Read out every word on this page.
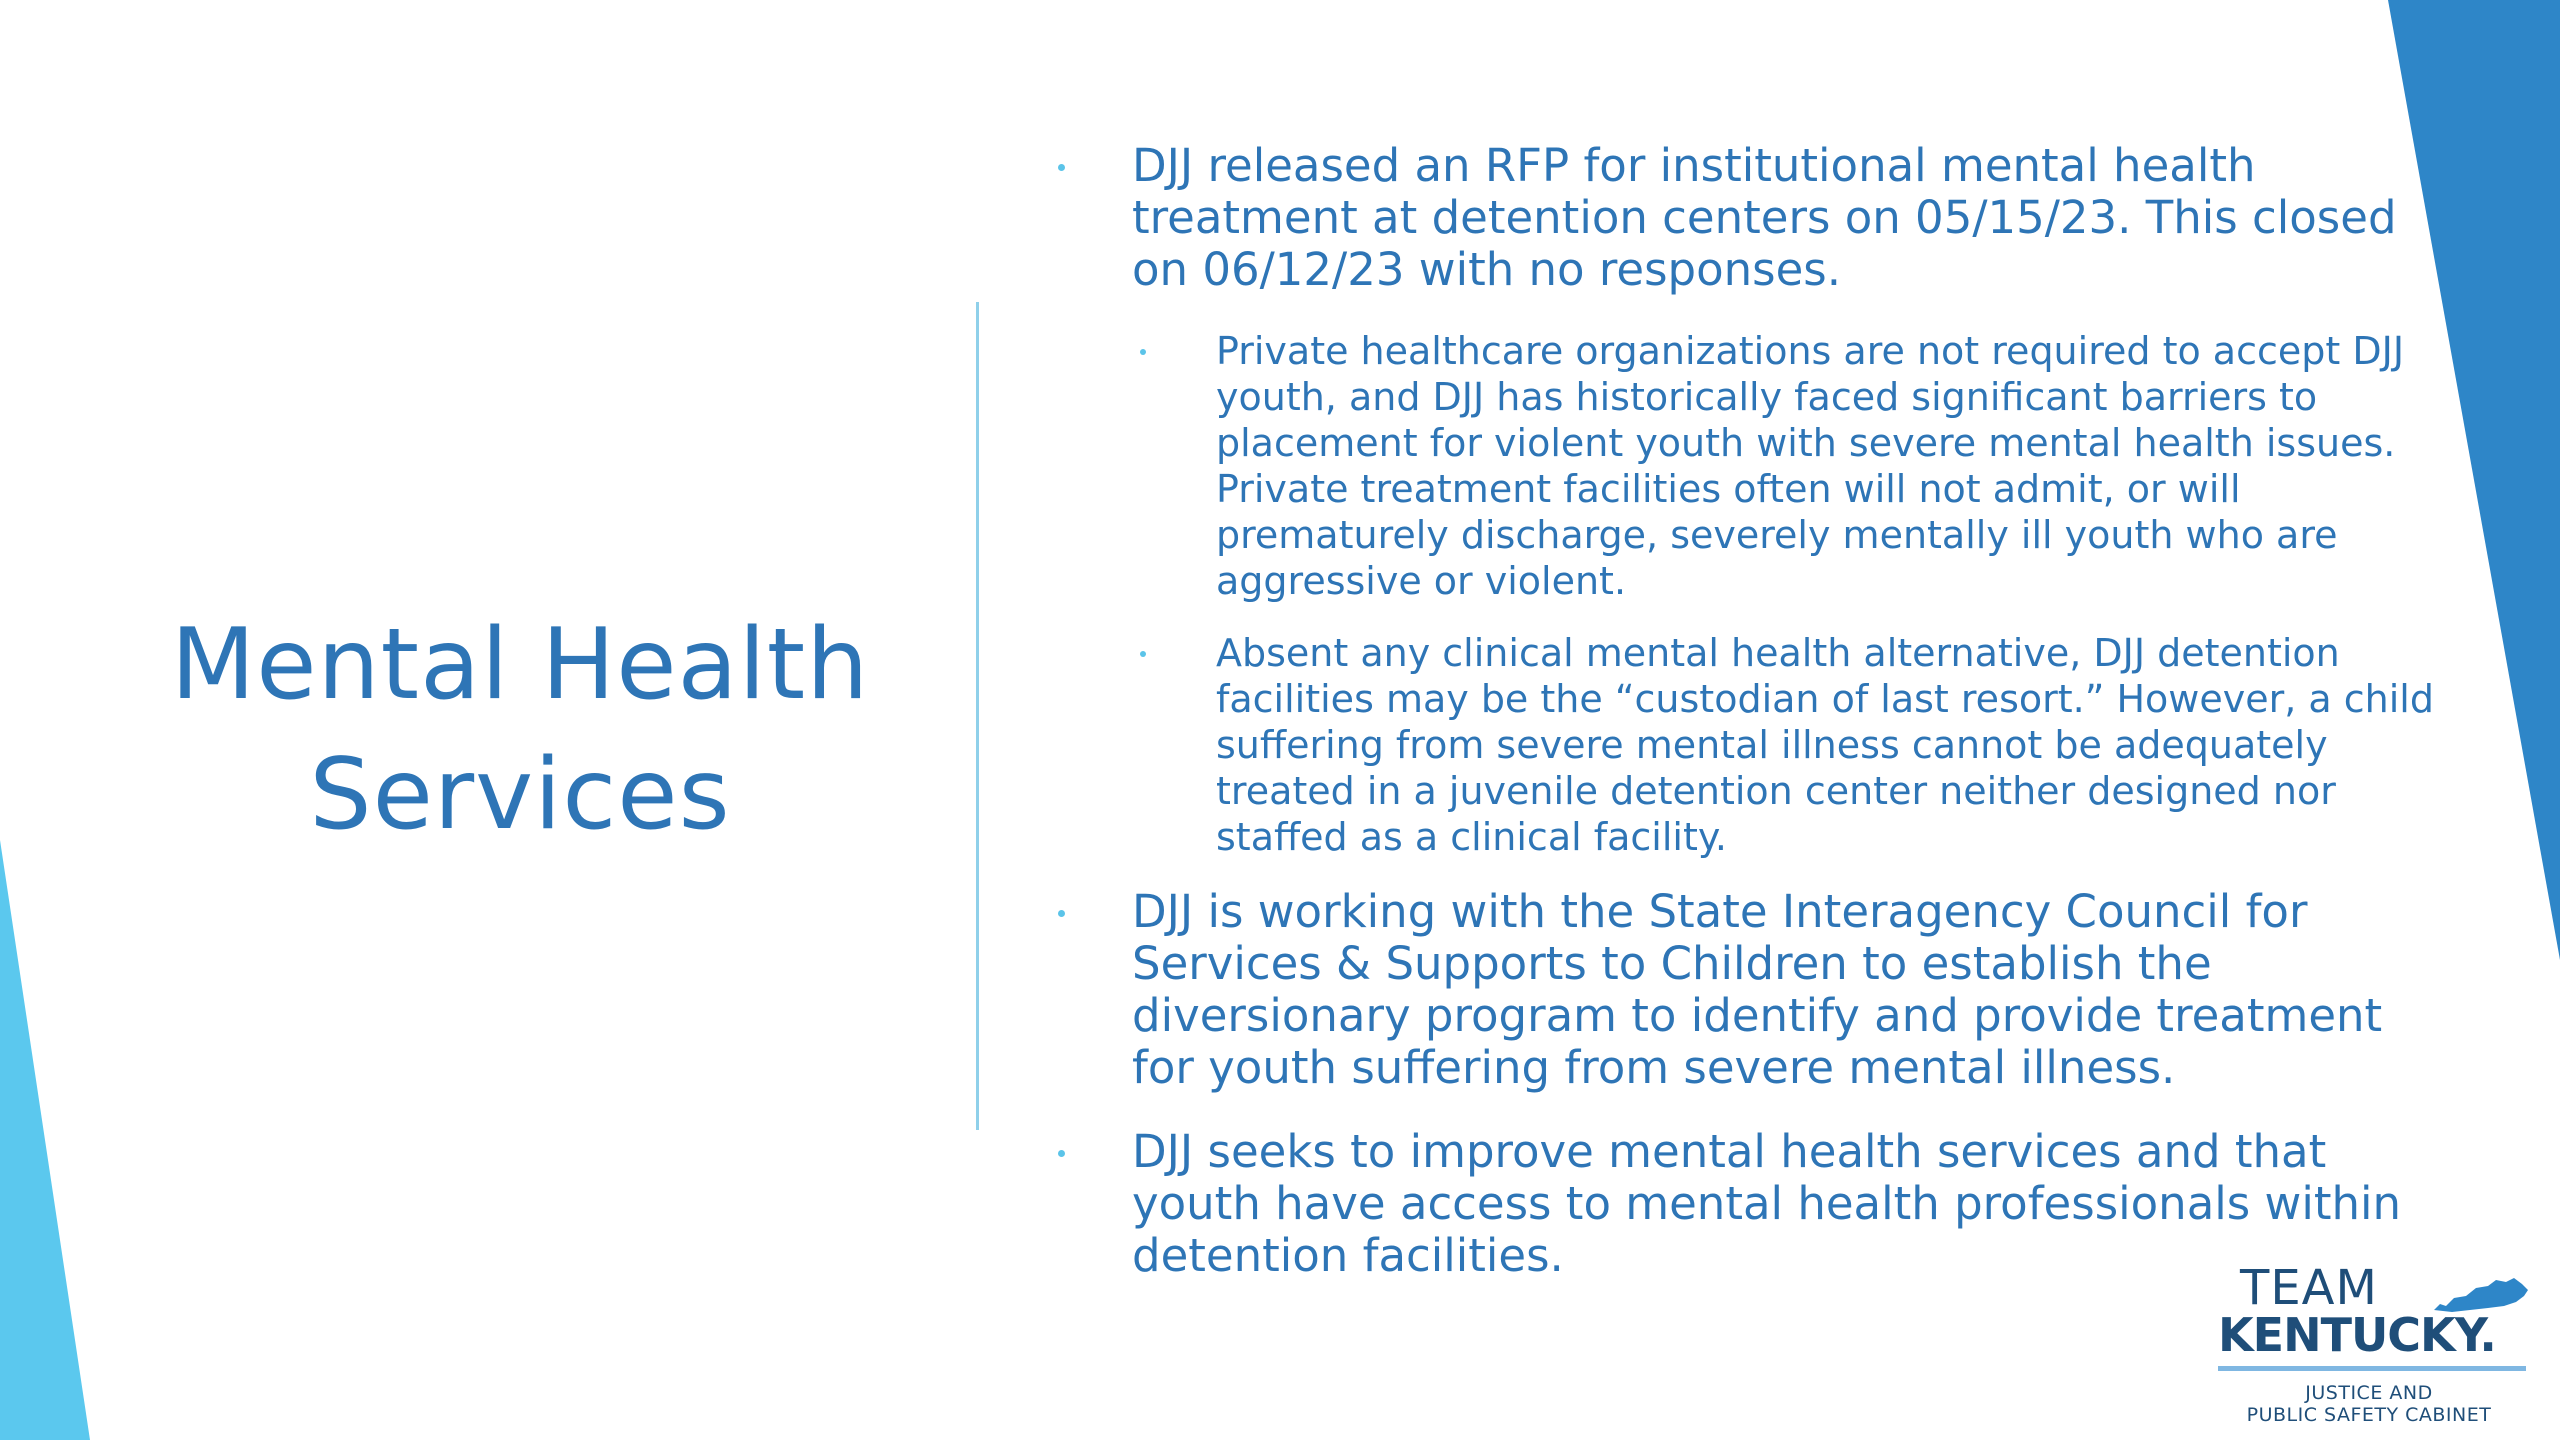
Mental Health
Services
DJJ released an RFP for institutional mental health treatment at detention centers on 05/15/23. This closed on 06/12/23 with no responses.
Private healthcare organizations are not required to accept DJJ youth, and DJJ has historically faced significant barriers to placement for violent youth with severe mental health issues. Private treatment facilities often will not admit, or will prematurely discharge, severely mentally ill youth who are aggressive or violent.
Absent any clinical mental health alternative, DJJ detention facilities may be the “custodian of last resort.” However, a child suffering from severe mental illness cannot be adequately treated in a juvenile detention center neither designed nor staffed as a clinical facility.
DJJ is working with the State Interagency Council for Services & Supports to Children to establish the diversionary program to identify and provide treatment for youth suffering from severe mental illness.
DJJ seeks to improve mental health services and that youth have access to mental health professionals within detention facilities.
TEAM
KENTUCKY.
JUSTICE AND
PUBLIC SAFETY CABINET
